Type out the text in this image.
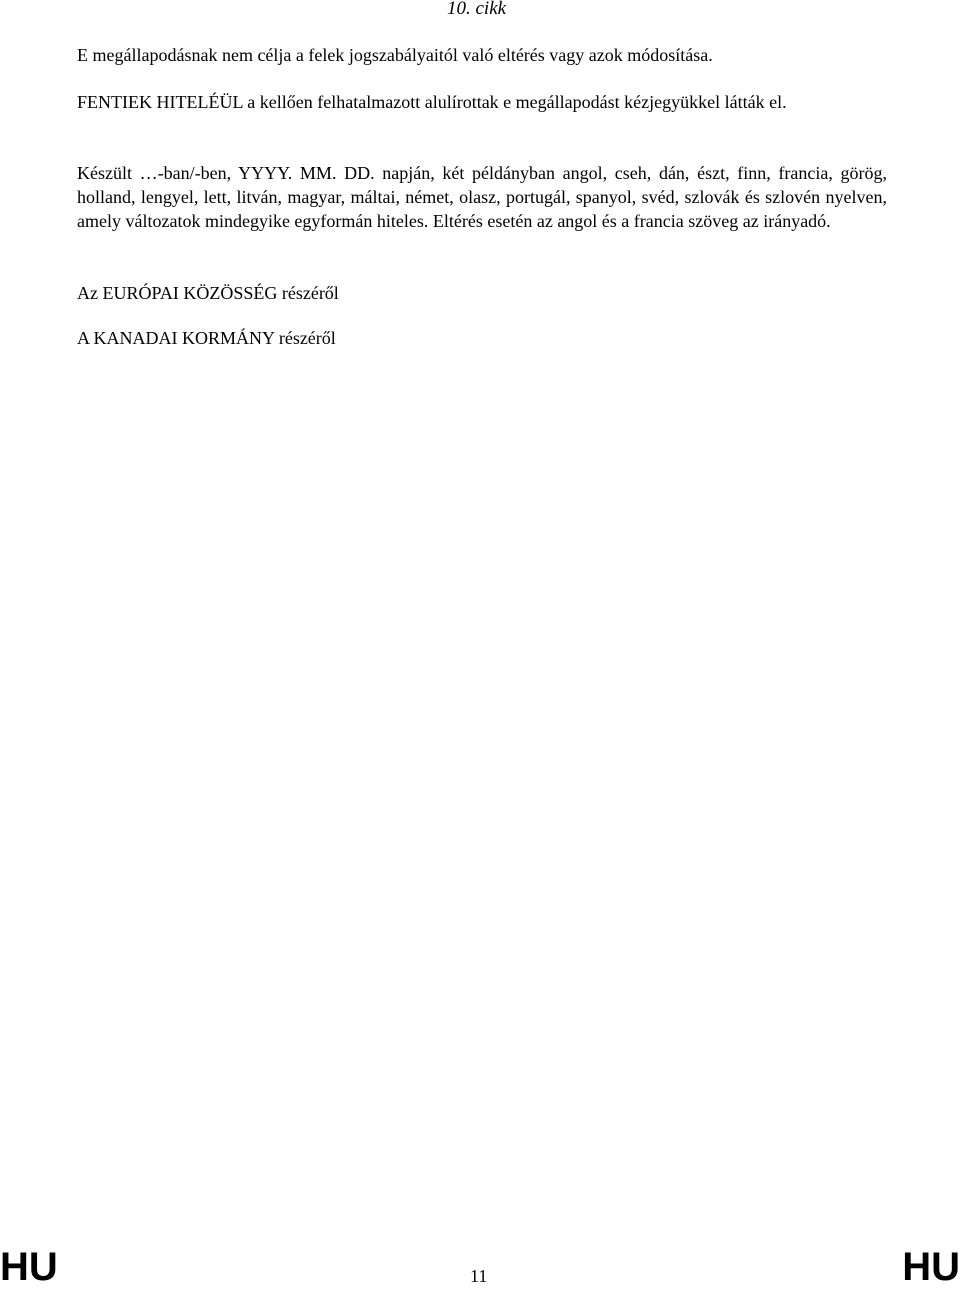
10. cikk

E megállapodásnak nem célja a felek jogszabályaitól való eltérés vagy azok módosítása.

FENTIEK HITELÉÜL a kellően felhatalmazott alulírottak e megállapodást kézjegyükkel látták el.

Készült …-ban/-ben, YYYY. MM. DD. napján, két példányban angol, cseh, dán, észt, finn, francia, görög, holland, lengyel, lett, litván, magyar, máltai, német, olasz, portugál, spanyol, svéd, szlovák és szlovén nyelven, amely változatok mindegyike egyformán hiteles. Eltérés esetén az angol és a francia szöveg az irányadó.

Az EURÓPAI KÖZÖSSÉG részéről

A KANADAI KORMÁNY részéről

HU	11	HU
